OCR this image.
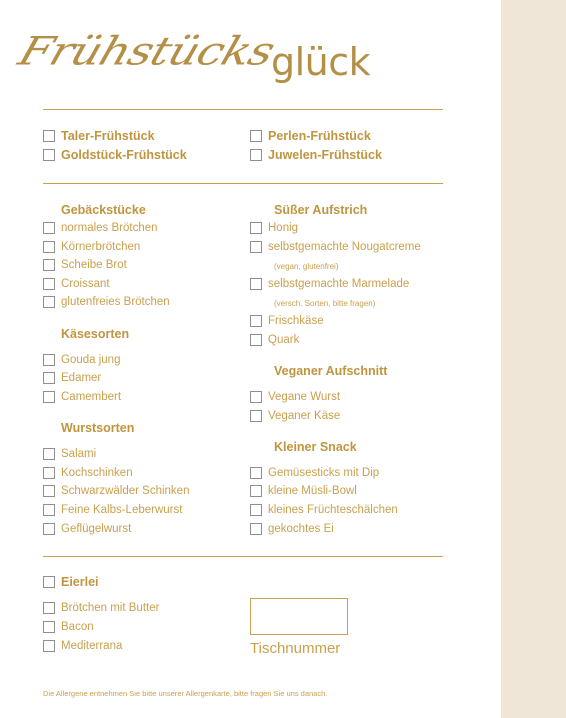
Frühstücks
glück
Taler-Frühstück	Perlen-Frühstück
Goldstück-Frühstück	Juwelen-Frühstück
Gebäckstücke
normales Brötchen
Körnerbrötchen
Scheibe Brot
Croissant
glutenfreies Brötchen
Käsesorten
Gouda jung
Edamer
Camembert
Wurstsorten
Salami
Kochschinken
Schwarzwälder Schinken
Feine Kalbs-Leberwurst
Geflügelwurst
Süßer Aufstrich
Honig
selbstgemachte Nougatcreme
(vegan, glutenfrei)
selbstgemachte Marmelade
(versch. Sorten, bitte fragen)
Frischkäse
Quark
Veganer Aufschnitt
Vegane Wurst
Veganer Käse
Kleiner Snack
Gemüsesticks mit Dip
kleine Müsli-Bowl
kleines Früchteschälchen
gekochtes Ei
Eierlei
Brötchen mit Butter
Bacon
Mediterrana	Tischnummer
Die Allergene entnehmen Sie bitte unserer Allergenkarte, bitte fragen Sie uns danach.
